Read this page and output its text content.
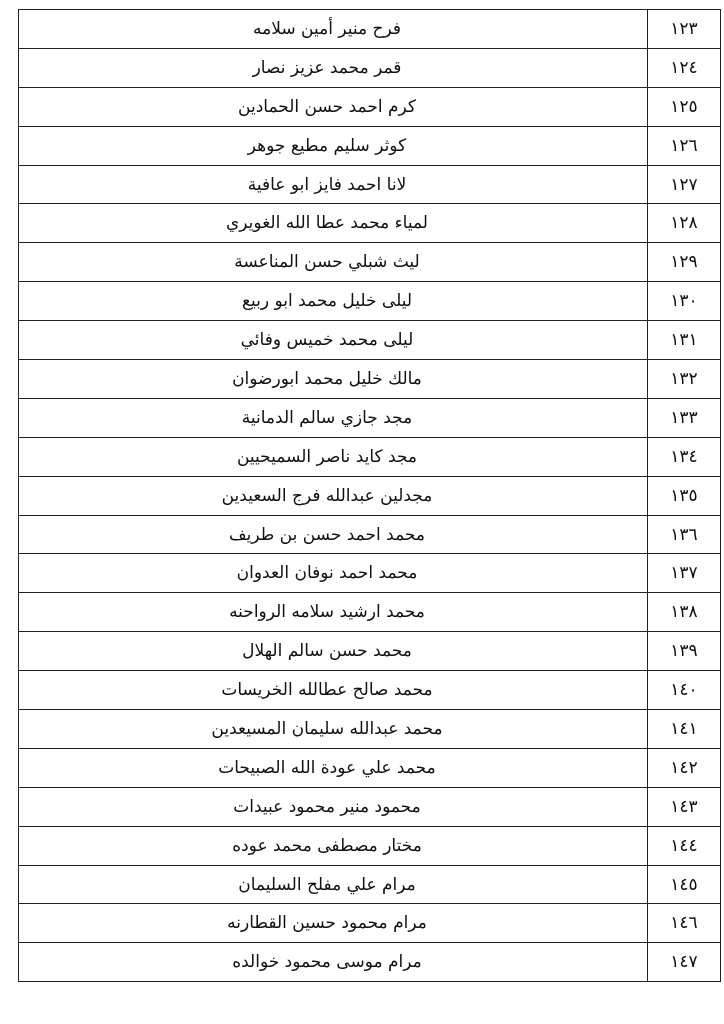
فرح منير أمين سلامه	١٢٣
قمر محمد عزيز نصار	١٢٤
كرم احمد حسن الحمادين	١٢٥
كوثر سليم مطيع جوهر	١٢٦
لانا احمد فايز ابو عافية	١٢٧
لمياء محمد عطا الله الغويري	١٢٨
ليث شبلي حسن المناعسة	١٢٩
ليلى خليل محمد ابو ربيع	١٣٠
ليلى محمد خميس وفائي	١٣١
مالك خليل محمد ابورضوان	١٣٢
مجد جازي سالم الدمانية	١٣٣
مجد كايد ناصر السميحيين	١٣٤
مجدلين عبدالله فرج السعيدين	١٣٥
محمد احمد حسن بن طريف	١٣٦
محمد احمد نوفان العدوان	١٣٧
محمد ارشيد سلامه الرواحنه	١٣٨
محمد حسن سالم الهلال	١٣٩
محمد صالح عطالله الخريسات	١٤٠
محمد عبدالله سليمان المسيعدين	١٤١
محمد علي عودة الله الصبيحات	١٤٢
محمود منير محمود عبيدات	١٤٣
مختار مصطفى محمد عوده	١٤٤
مرام علي مفلح السليمان	١٤٥
مرام محمود حسين القطارنه	١٤٦
مرام موسى محمود خوالده	١٤٧
